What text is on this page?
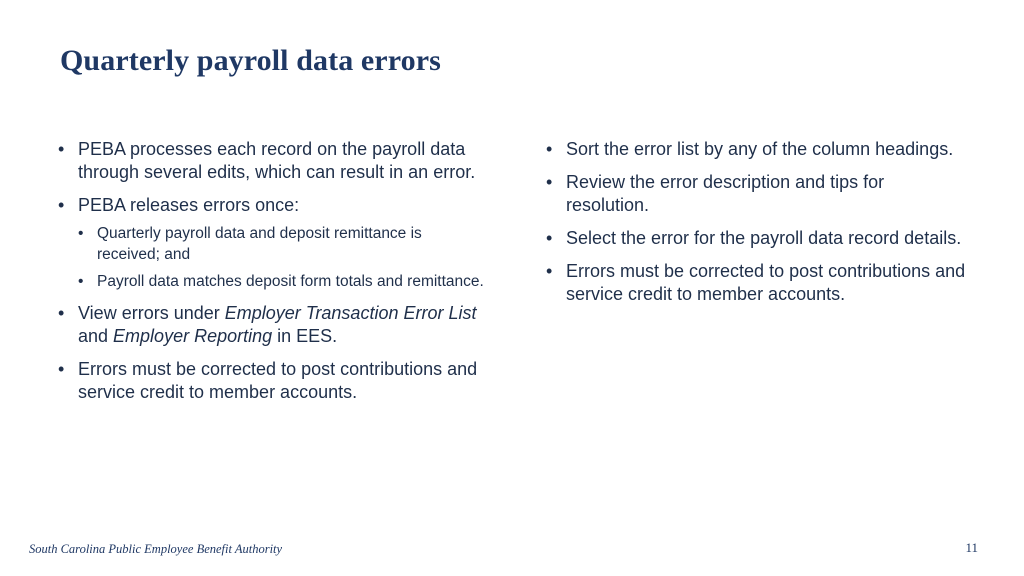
Quarterly payroll data errors
• PEBA processes each record on the payroll data through several edits, which can result in an error.
• PEBA releases errors once:
• Quarterly payroll data and deposit remittance is received; and
• Payroll data matches deposit form totals and remittance.
• View errors under Employer Transaction Error List and Employer Reporting in EES.
• Errors must be corrected to post contributions and service credit to member accounts.
• Sort the error list by any of the column headings.
• Review the error description and tips for resolution.
• Select the error for the payroll data record details.
• Errors must be corrected to post contributions and service credit to member accounts.
South Carolina Public Employee Benefit Authority	11
